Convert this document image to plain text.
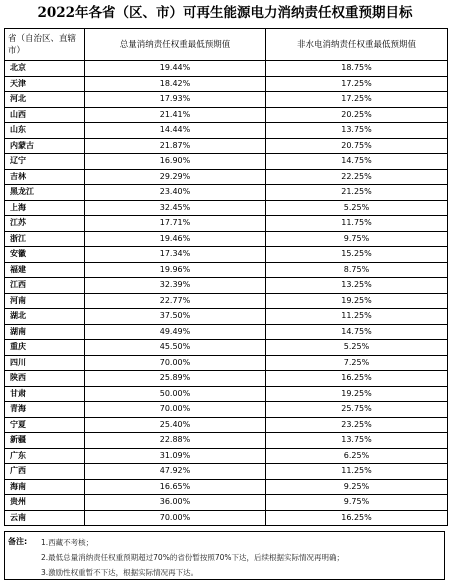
2022年各省（区、市）可再生能源电力消纳责任权重预期目标
省（自治区、直辖市）	总量消纳责任权重最低预期值	非水电消纳责任权重最低预期值
北京	19.44%	18.75%
天津	18.42%	17.25%
河北	17.93%	17.25%
山西	21.41%	20.25%
山东	14.44%	13.75%
内蒙古	21.87%	20.75%
辽宁	16.90%	14.75%
吉林	29.29%	22.25%
黑龙江	23.40%	21.25%
上海	32.45%	5.25%
江苏	17.71%	11.75%
浙江	19.46%	9.75%
安徽	17.34%	15.25%
福建	19.96%	8.75%
江西	32.39%	13.25%
河南	22.77%	19.25%
湖北	37.50%	11.25%
湖南	49.49%	14.75%
重庆	45.50%	5.25%
四川	70.00%	7.25%
陕西	25.89%	16.25%
甘肃	50.00%	19.25%
青海	70.00%	25.75%
宁夏	25.40%	23.25%
新疆	22.88%	13.75%
广东	31.09%	6.25%
广西	47.92%	11.25%
海南	16.65%	9.25%
贵州	36.00%	9.75%
云南	70.00%	16.25%
备注: 1.西藏不考核；
2.最低总量消纳责任权重预期超过70%的省份暂按照70%下达，后续根据实际情况再明确；
3.激励性权重暂不下达，根据实际情况再下达。
